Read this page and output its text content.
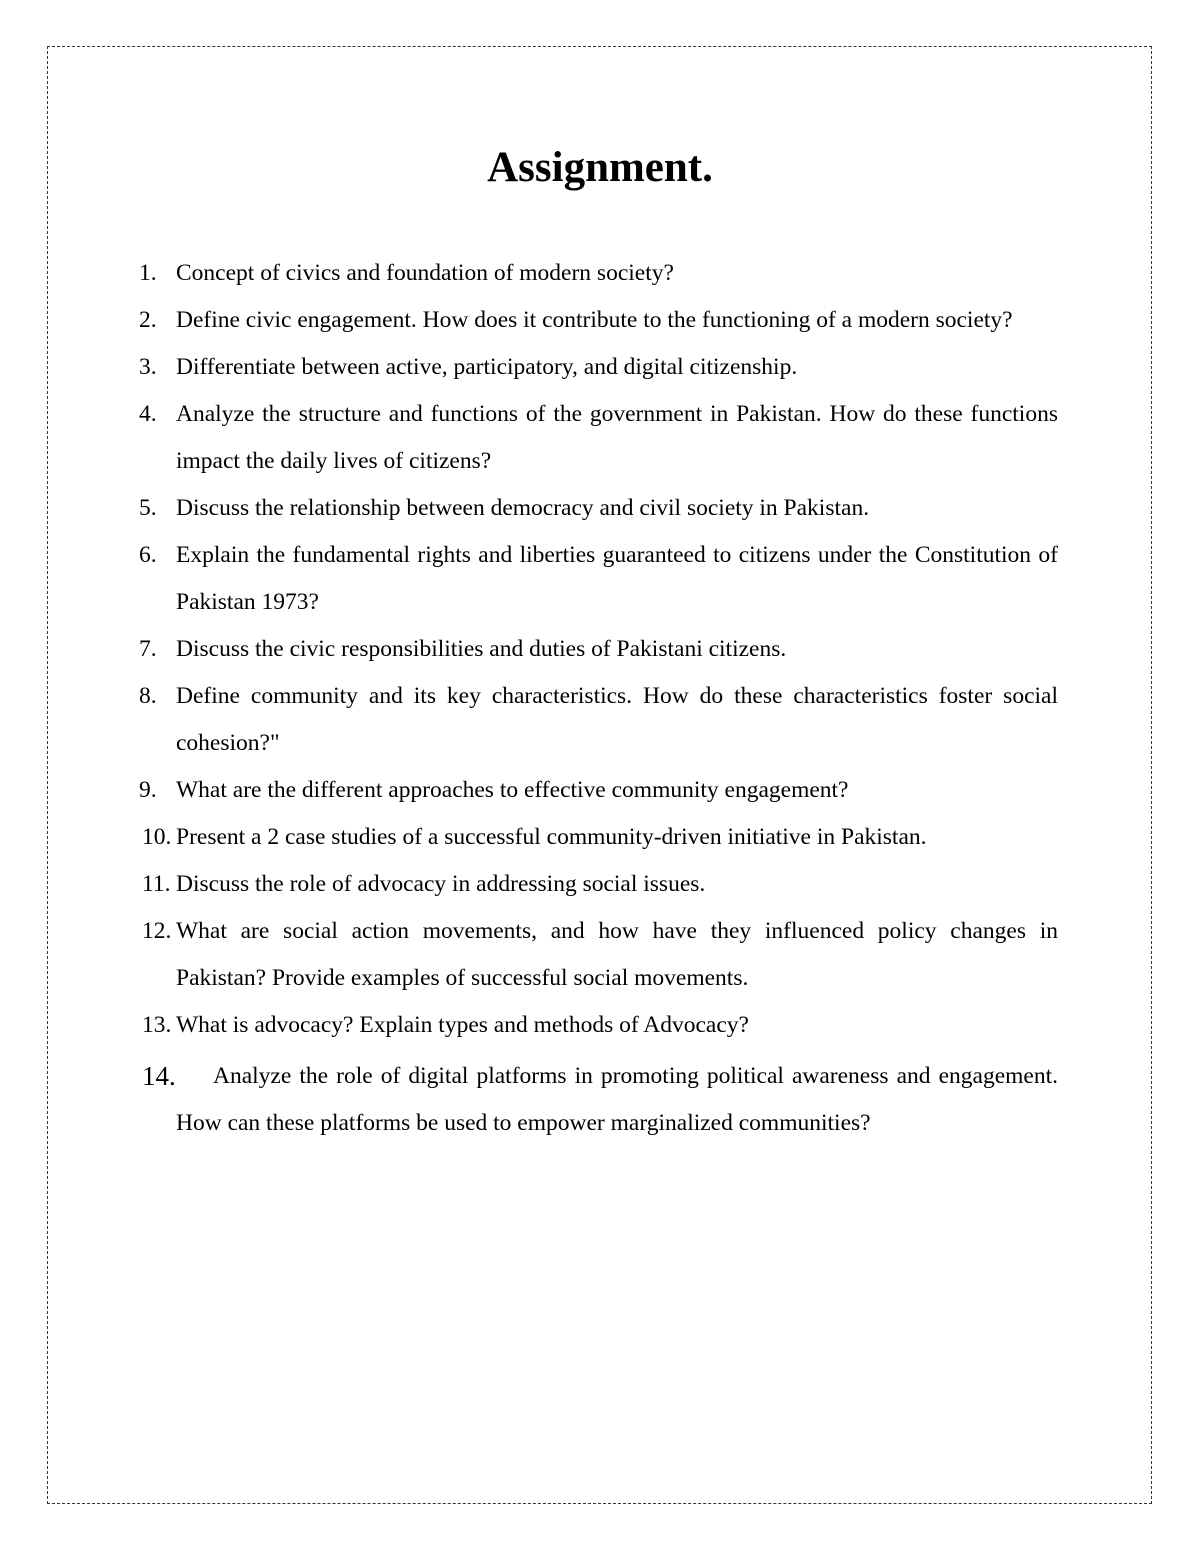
Assignment.
1. Concept of civics and foundation of modern society?
2. Define civic engagement. How does it contribute to the functioning of a modern society?
3. Differentiate between active, participatory, and digital citizenship.
4. Analyze the structure and functions of the government in Pakistan. How do these functions impact the daily lives of citizens?
5. Discuss the relationship between democracy and civil society in Pakistan.
6. Explain the fundamental rights and liberties guaranteed to citizens under the Constitution of Pakistan 1973?
7. Discuss the civic responsibilities and duties of Pakistani citizens.
8. Define community and its key characteristics. How do these characteristics foster social cohesion?"
9. What are the different approaches to effective community engagement?
10. Present a 2 case studies of a successful community-driven initiative in Pakistan.
11. Discuss the role of advocacy in addressing social issues.
12. What are social action movements, and how have they influenced policy changes in Pakistan? Provide examples of successful social movements.
13. What is advocacy? Explain types and methods of Advocacy?
14. Analyze the role of digital platforms in promoting political awareness and engagement. How can these platforms be used to empower marginalized communities?
